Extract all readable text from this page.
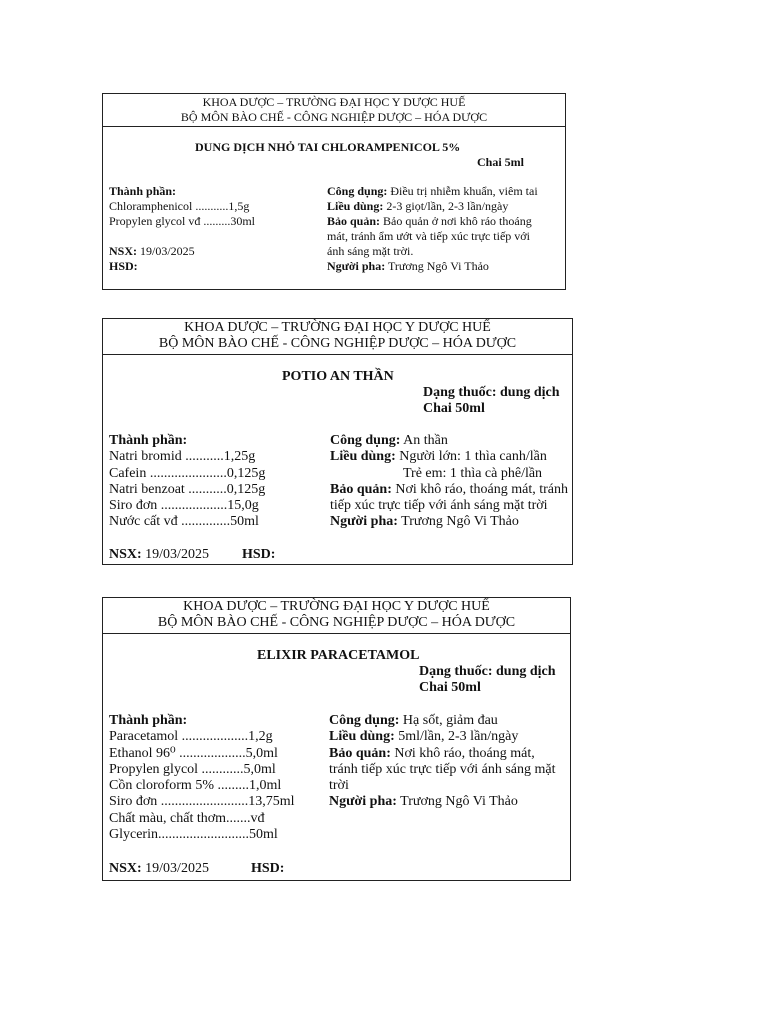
KHOA DƯỢC – TRƯỜNG ĐẠI HỌC Y DƯỢC HUẾ
BỘ MÔN BÀO CHẾ - CÔNG NGHIỆP DƯỢC – HÓA DƯỢC
DUNG DỊCH NHỎ TAI CHLORAMPENICOL 5%
Chai 5ml
Thành phần:
Chloramphenicol ...........1,5g
Propylen glycol vđ .........30ml
NSX: 19/03/2025
HSD:
Công dụng: Điều trị nhiễm khuẩn, viêm tai
Liều dùng: 2-3 giọt/lần, 2-3 lần/ngày
Bảo quản: Bảo quản ở nơi khô ráo thoáng
mát, tránh ẩm ướt và tiếp xúc trực tiếp với
ánh sáng mặt trời.
Người pha: Trương Ngô Vi Thảo
KHOA DƯỢC – TRƯỜNG ĐẠI HỌC Y DƯỢC HUẾ
BỘ MÔN BÀO CHẾ - CÔNG NGHIỆP DƯỢC – HÓA DƯỢC
POTIO AN THẦN
Dạng thuốc: dung dịch
Chai 50ml
Thành phần:
Natri bromid ...........1,25g
Cafein ......................0,125g
Natri benzoat ...........0,125g
Siro đơn ...................15,0g
Nước cất vđ ..............50ml
NSX: 19/03/2025 HSD:
Công dụng: An thần
Liều dùng: Người lớn: 1 thìa canh/lần
Trẻ em: 1 thìa cà phê/lần
Bảo quản: Nơi khô ráo, thoáng mát, tránh
tiếp xúc trực tiếp với ánh sáng mặt trời
Người pha: Trương Ngô Vi Thảo
KHOA DƯỢC – TRƯỜNG ĐẠI HỌC Y DƯỢC HUẾ
BỘ MÔN BÀO CHẾ - CÔNG NGHIỆP DƯỢC – HÓA DƯỢC
ELIXIR PARACETAMOL
Dạng thuốc: dung dịch
Chai 50ml
Thành phần:
Paracetamol ...................1,2g
Ethanol 96⁰ ...................5,0ml
Propylen glycol ............5,0ml
Cồn cloroform 5% .........1,0ml
Siro đơn .........................13,75ml
Chất màu, chất thơm.......vđ
Glycerin..........................50ml
NSX: 19/03/2025	HSD:
Công dụng: Hạ sốt, giảm đau
Liều dùng: 5ml/lần, 2-3 lần/ngày
Bảo quản: Nơi khô ráo, thoáng mát,
tránh tiếp xúc trực tiếp với ánh sáng mặt
trời
Người pha: Trương Ngô Vi Thảo
